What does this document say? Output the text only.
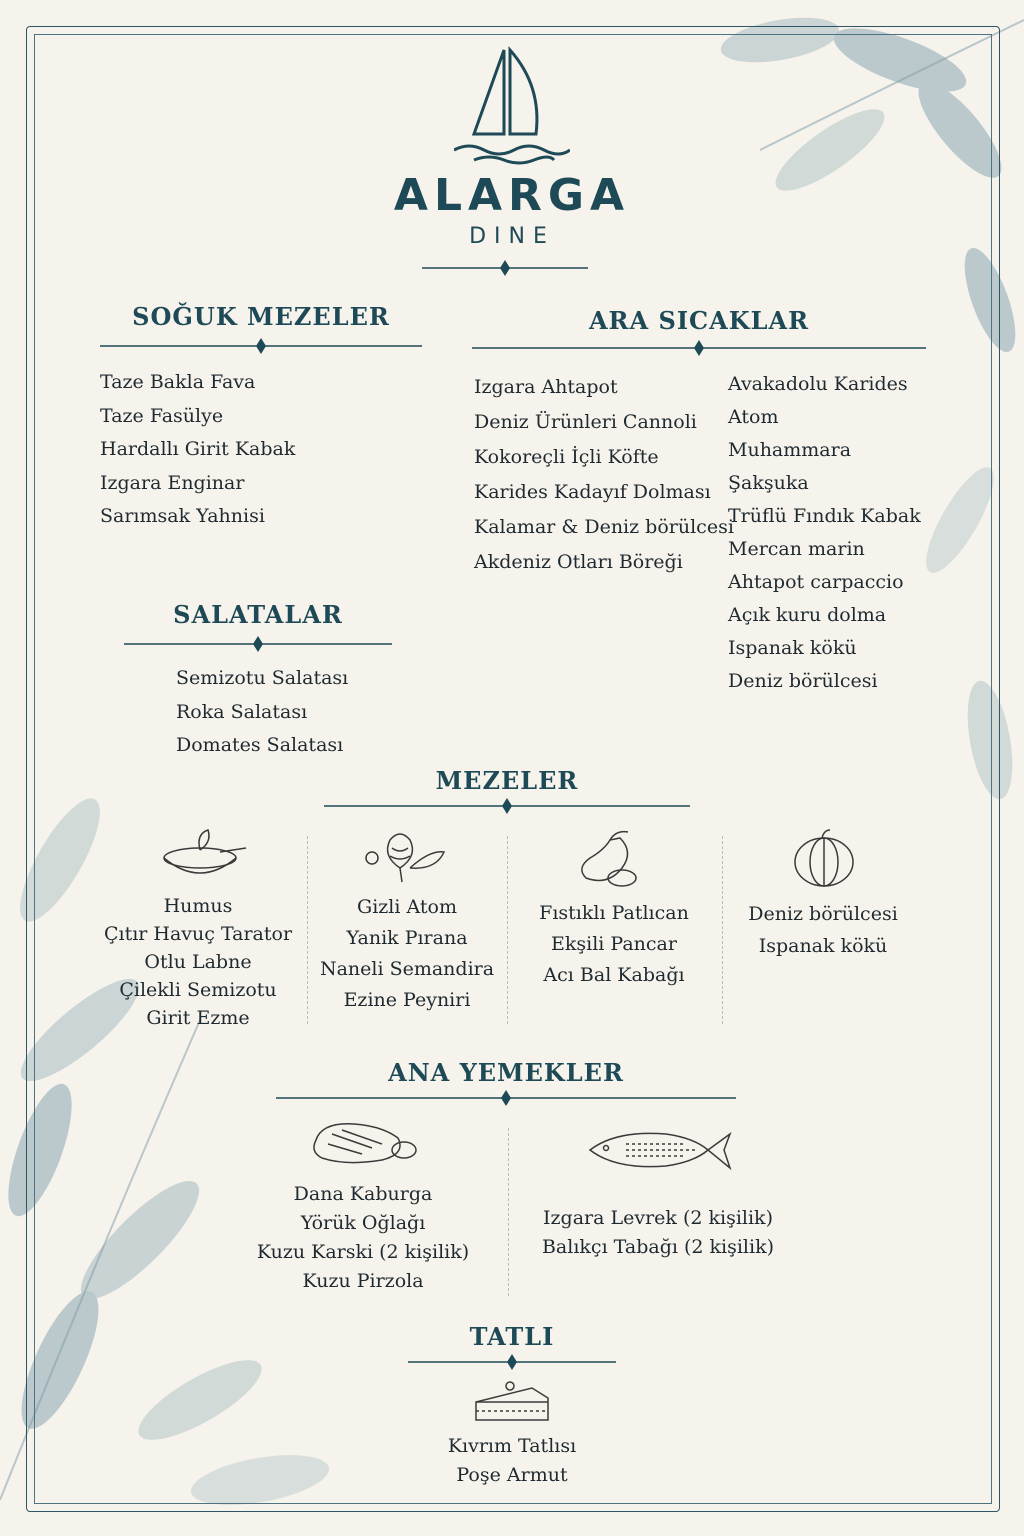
ALARGA
DINE
SOĞUK MEZELER
Taze Bakla Fava
Taze Fasülye
Hardallı Girit Kabak
Izgara Enginar
Sarımsak Yahnisi
ARA SICAKLAR
Izgara Ahtapot
Deniz Ürünleri Cannoli
Kokoreçli İçli Köfte
Karides Kadayıf Dolması
Kalamar & Deniz börülcesi
Akdeniz Otları Böreği
Avakadolu Karides
Atom
Muhammara
Şakşuka
Trüflü Fındık Kabak
Mercan marin
Ahtapot carpaccio
Açık kuru dolma
Ispanak kökü
Deniz börülcesi
SALATALAR
Semizotu Salatası
Roka Salatası
Domates Salatası
MEZELER
Humus
Çıtır Havuç Tarator
Otlu Labne
Çilekli Semizotu
Girit Ezme
Gizli Atom
Yanik Pırana
Naneli Semandira
Ezine Peyniri
Fıstıklı Patlıcan
Ekşili Pancar
Acı Bal Kabağı
Deniz börülcesi
Ispanak kökü
ANA YEMEKLER
Dana Kaburga
Yörük Oğlağı
Kuzu Karski (2 kişilik)
Kuzu Pirzola
Izgara Levrek (2 kişilik)
Balıkçı Tabağı (2 kişilik)
TATLI
Kıvrım Tatlısı
Poşe Armut
